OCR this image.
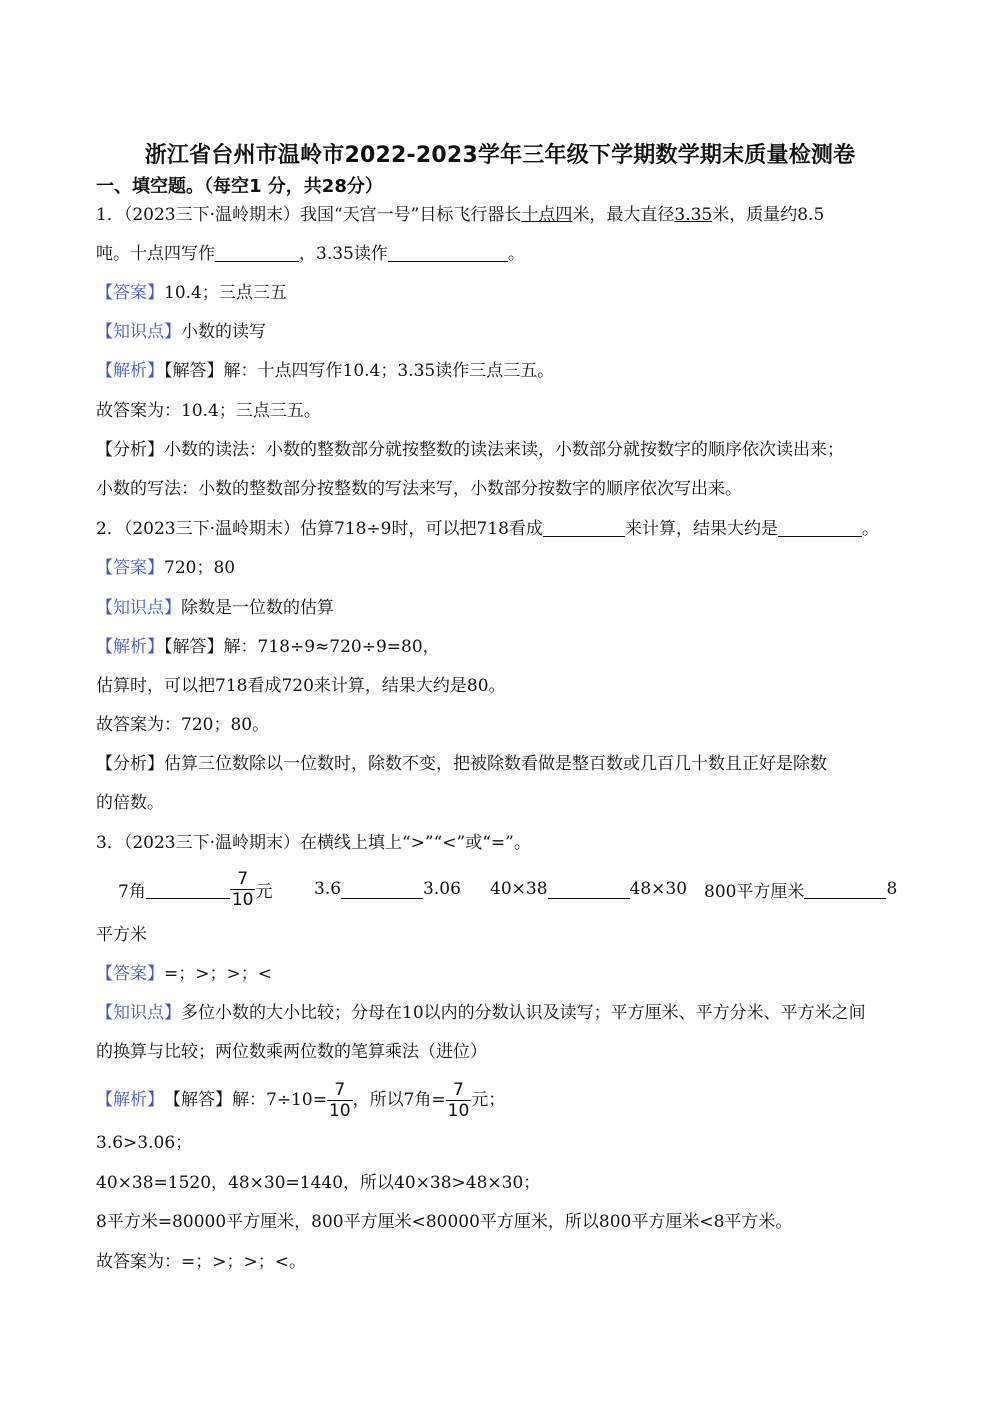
浙江省台州市温岭市2022-2023学年三年级下学期数学期末质量检测卷
一、填空题。（每空1 分，共28分）
1．（2023三下·温岭期末）我国“天宫一号”目标飞行器长十点四米，最大直径3.35米，质量约8.5
吨。十点四写作	，3.35读作	。
【答案】10.4；三点三五
【知识点】小数的读写
【解析】【解答】解：十点四写作10.4；3.35读作三点三五。
故答案为：10.4；三点三五。
【分析】小数的读法：小数的整数部分就按整数的读法来读，小数部分就按数字的顺序依次读出来；
小数的写法：小数的整数部分按整数的写法来写，小数部分按数字的顺序依次写出来。
2．（2023三下·温岭期末）估算718÷9时，可以把718看成	来计算，结果大约是	。
【答案】720；80
【知识点】除数是一位数的估算
【解析】【解答】解：718÷9≈720÷9=80，
估算时，可以把718看成720来计算，结果大约是80。
故答案为：720；80。
【分析】估算三位数除以一位数时，除数不变，把被除数看做是整百数或几百几十数且正好是除数
的倍数。
3．（2023三下·温岭期末）在横线上填上“>”“<”或“=”。
7角	$\frac{7}{10}$ 元 3.6	3.06 40×38	48×30 800平方厘米	8
平方米
【答案】=；>；>；<
【知识点】多位小数的大小比较；分母在10以内的分数认识及读写；平方厘米、平方分米、平方米之间
的换算与比较；两位数乘两位数的笔算乘法（进位）
【解析】 【解答】解：$7\div 10= \frac{7}{10}$ ，所以7角= $\frac{7}{10}$ 元；
3.6>3.06；
40×38=1520，48×30=1440，所以40×38>48×30；
8平方米=80000平方厘米，800平方厘米<80000平方厘米，所以800平方厘米<8平方米。
故答案为：=；>；>；<。
